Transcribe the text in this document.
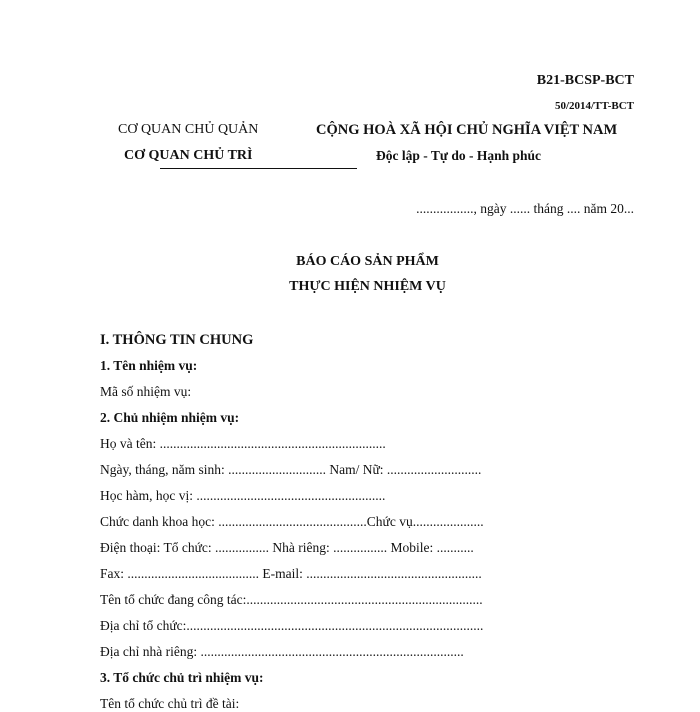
B21-BCSP-BCT
50/2014/TT-BCT
CƠ QUAN CHỦ QUẢN
CƠ QUAN CHỦ TRÌ
CỘNG HOÀ XÃ HỘI CHỦ NGHĨA VIỆT NAM
Độc lập - Tự do - Hạnh phúc
................., ngày ...... tháng .... năm 20...
BÁO CÁO SẢN PHẨM
THỰC HIỆN NHIỆM VỤ
I. THÔNG TIN CHUNG
1. Tên nhiệm vụ:
Mã số nhiệm vụ:
2. Chủ nhiệm nhiệm vụ:
Họ và tên: ...................................................................
Ngày, tháng, năm sinh: ............................. Nam/ Nữ: ............................
Học hàm, học vị: ........................................................
Chức danh khoa học: ............................................Chức vụ.....................
Điện thoại: Tổ chức: ................ Nhà riêng: ................ Mobile: ...........
Fax: ....................................... E-mail: ....................................................
Tên tổ chức đang công tác:......................................................................
Địa chỉ tổ chức:........................................................................................
Địa chỉ nhà riêng: ..............................................................................
3. Tổ chức chủ trì nhiệm vụ:
Tên tổ chức chủ trì đề tài:
